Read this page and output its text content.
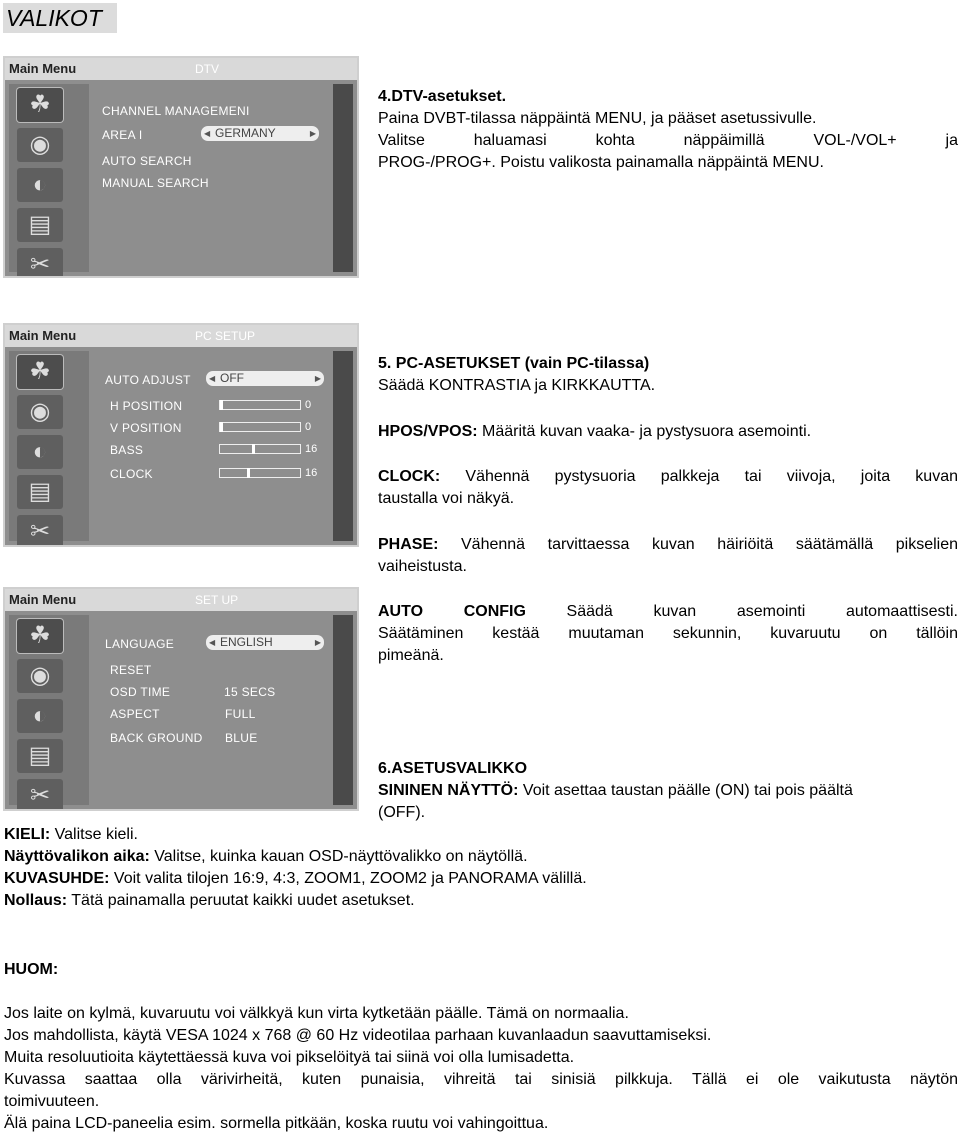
VALIKOT
Main Menu	DTV
☘
◉
◐
▤
✂
CHANNEL MANAGEMENI
AREA I	◀ GERMANY	▶
AUTO SEARCH
MANUAL SEARCH
Main Menu	PC SETUP
☘
◉
◐
▤
✂
AUTO ADJUST ◀ OFF	▶
H POSITION	0
V POSITION	0
BASS	16
CLOCK	16
Main Menu	SET UP
☘
◉
◐
▤
✂
LANGUAGE	◀ ENGLISH	▶
RESET
OSD TIME	15 SECS
ASPECT	FULL
BACK GROUND BLUE
4.DTV-asetukset.
Paina DVBT-tilassa näppäintä MENU, ja pääset asetussivulle.
Valitse haluamasi kohta näppäimillä VOL-/VOL+ ja
PROG-/PROG+. Poistu valikosta painamalla näppäintä MENU.
5. PC-ASETUKSET (vain PC-tilassa)
Säädä KONTRASTIA ja KIRKKAUTTA.
HPOS/VPOS: Määritä kuvan vaaka- ja pystysuora asemointi.
CLOCK: Vähennä pystysuoria palkkeja tai viivoja, joita kuvan
taustalla voi näkyä.
PHASE: Vähennä tarvittaessa kuvan häiriöitä säätämällä pikselien
vaiheistusta.
AUTO CONFIG Säädä kuvan asemointi automaattisesti.
Säätäminen kestää muutaman sekunnin, kuvaruutu on tällöin
pimeänä.
6.ASETUSVALIKKO
SININEN NÄYTTÖ: Voit asettaa taustan päälle (ON) tai pois päältä
(OFF).
KIELI: Valitse kieli.
Näyttövalikon aika: Valitse, kuinka kauan OSD-näyttövalikko on näytöllä.
KUVASUHDE: Voit valita tilojen 16:9, 4:3, ZOOM1, ZOOM2 ja PANORAMA välillä.
Nollaus: Tätä painamalla peruutat kaikki uudet asetukset.
HUOM:
Jos laite on kylmä, kuvaruutu voi välkkyä kun virta kytketään päälle. Tämä on normaalia.
Jos mahdollista, käytä VESA 1024 x 768 @ 60 Hz videotilaa parhaan kuvanlaadun saavuttamiseksi.
Muita resoluutioita käytettäessä kuva voi pikselöityä tai siinä voi olla lumisadetta.
Kuvassa saattaa olla värivirheitä, kuten punaisia, vihreitä tai sinisiä pilkkuja. Tällä ei ole vaikutusta näytön
toimivuuteen.
Älä paina LCD-paneelia esim. sormella pitkään, koska ruutu voi vahingoittua.
